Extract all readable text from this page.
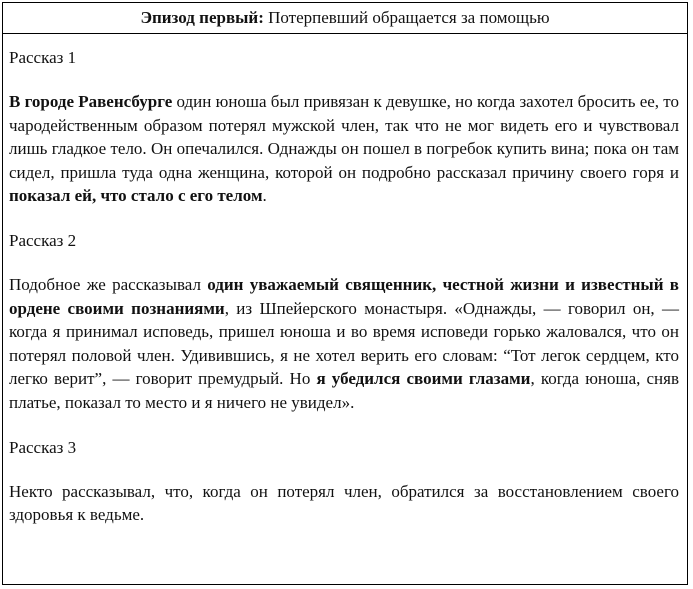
Эпизод первый: Потерпевший обращается за помощью
Рассказ 1

В городе Равенсбурге один юноша был привязан к девушке, но когда захотел бросить ее, то чародейственным образом потерял мужской член, так что не мог видеть его и чувствовал лишь гладкое тело. Он опечалился. Однажды он пошел в погребок купить вина; пока он там сидел, пришла туда одна женщина, которой он подробно рассказал причину своего горя и показал ей, что стало с его телом.

Рассказ 2

Подобное же рассказывал один уважаемый священник, честной жизни и известный в ордене своими познаниями, из Шпейерского монастыря. «Однажды, — говорил он, — когда я принимал исповедь, пришел юноша и во время исповеди горько жаловался, что он потерял половой член. Удивившись, я не хотел верить его словам: “Тот легок сердцем, кто легко верит”, — говорит премудрый. Но я убедился своими глазами, когда юноша, сняв платье, показал то место и я ничего не увидел».

Рассказ 3

Некто рассказывал, что, когда он потерял член, обратился за восстановлением своего здоровья к ведьме.
